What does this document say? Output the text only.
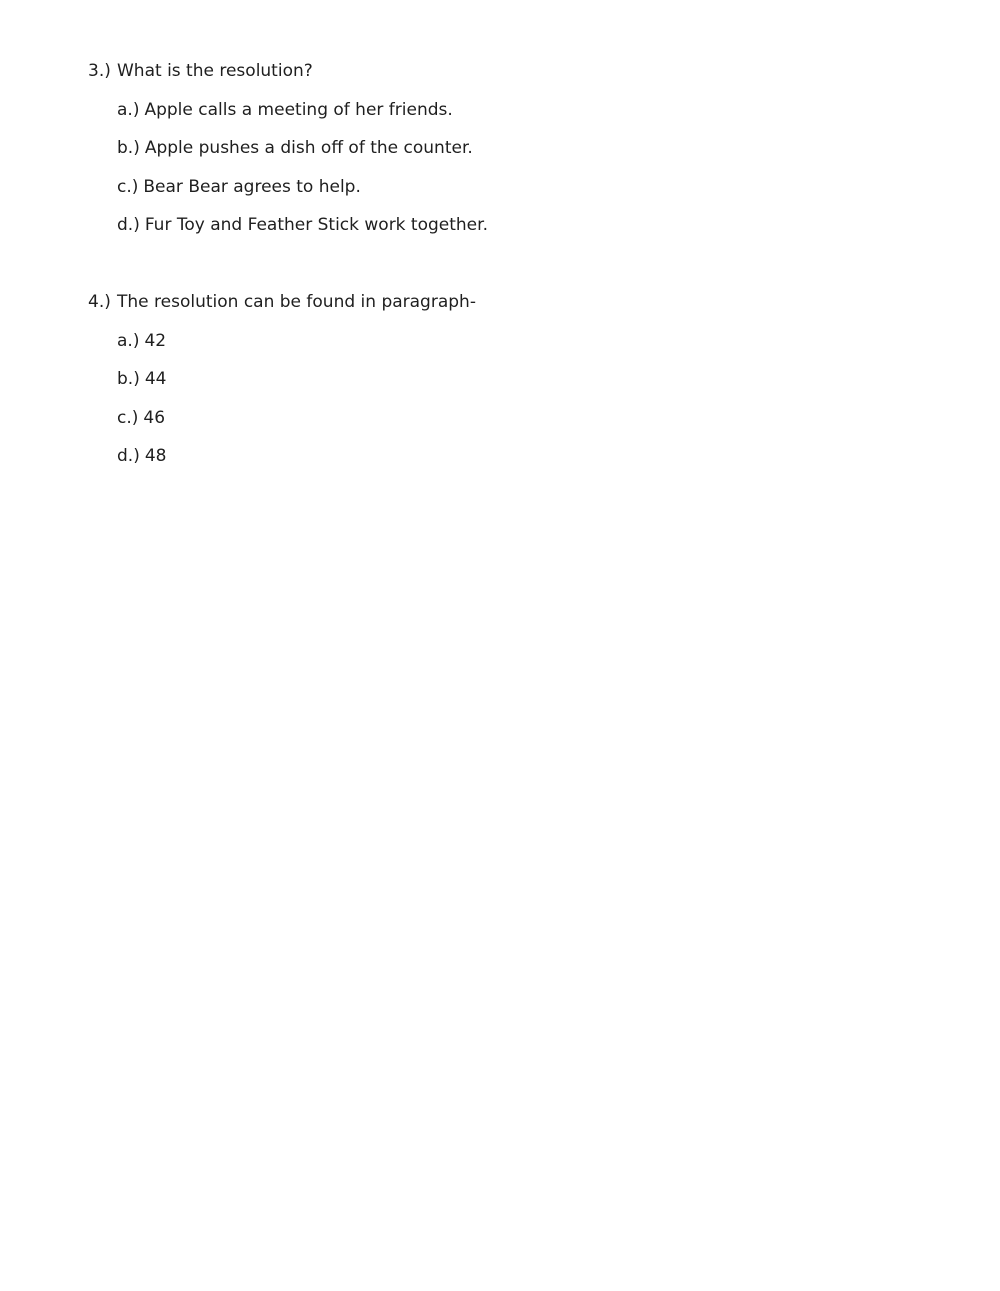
3.) What is the resolution?
a.) Apple calls a meeting of her friends.
b.) Apple pushes a dish off of the counter.
c.) Bear Bear agrees to help.
d.) Fur Toy and Feather Stick work together.
4.) The resolution can be found in paragraph-
a.) 42
b.) 44
c.) 46
d.) 48
